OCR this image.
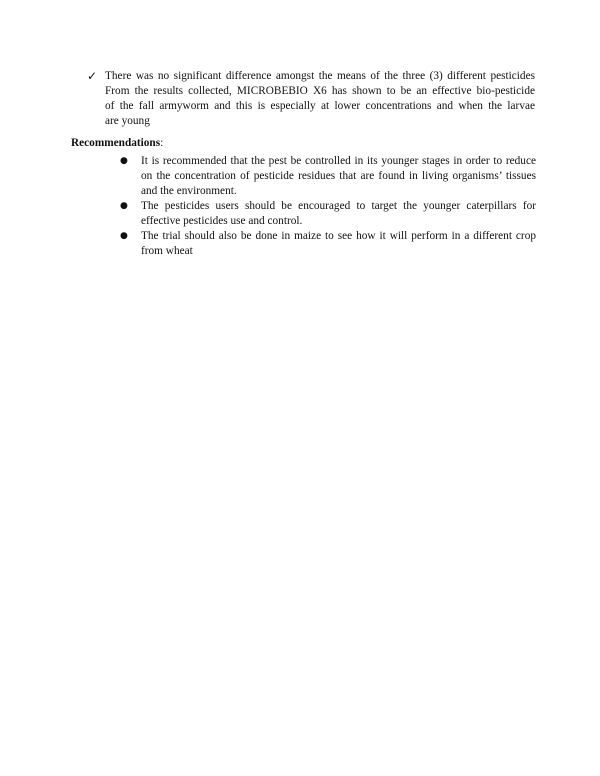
✓ There was no significant difference amongst the means of the three (3) different pesticides
From the results collected, MICROBEBIO X6 has shown to be an effective bio-pesticide
of the fall armyworm and this is especially at lower concentrations and when the larvae
are young
Recommendations:
● It is recommended that the pest be controlled in its younger stages in order to reduce
on the concentration of pesticide residues that are found in living organisms’ tissues
and the environment.
● The pesticides users should be encouraged to target the younger caterpillars for
effective pesticides use and control.
● The trial should also be done in maize to see how it will perform in a different crop
from wheat
